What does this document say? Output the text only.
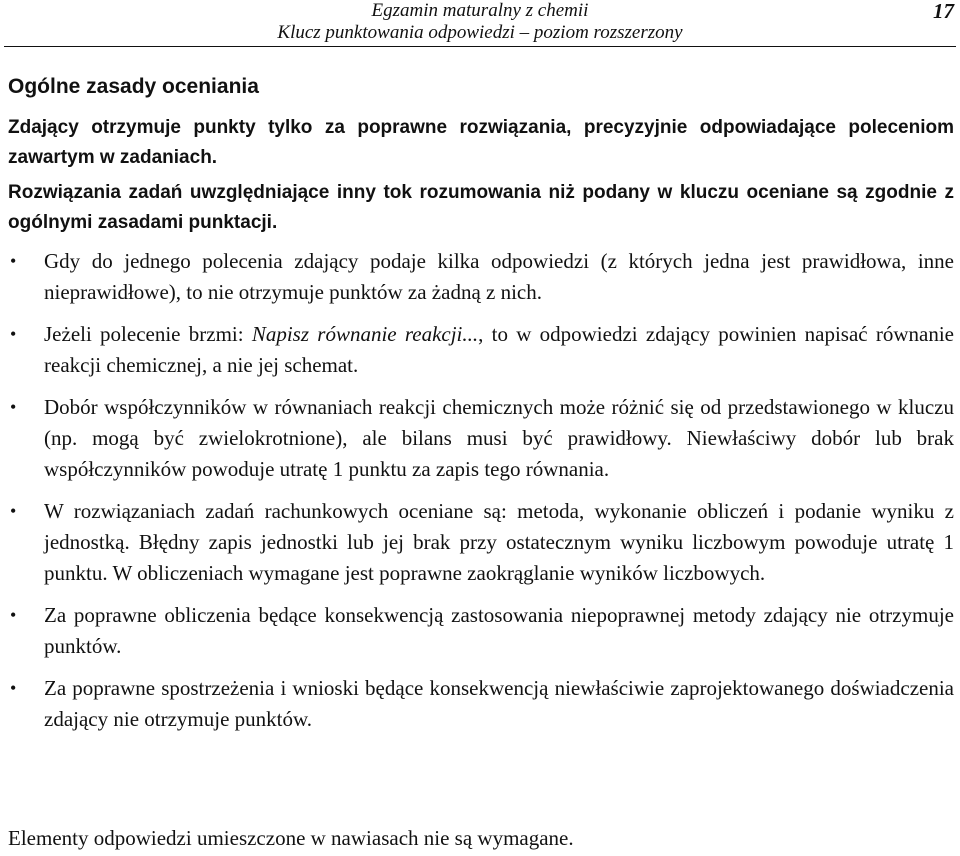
Egzamin maturalny z chemii
Klucz punktowania odpowiedzi – poziom rozszerzony
17
Ogólne zasady oceniania

Zdający otrzymuje punkty tylko za poprawne rozwiązania, precyzyjnie odpowiadające poleceniom zawartym w zadaniach.

Rozwiązania zadań uwzględniające inny tok rozumowania niż podany w kluczu oceniane są zgodnie z ogólnymi zasadami punktacji.

• Gdy do jednego polecenia zdający podaje kilka odpowiedzi (z których jedna jest prawidłowa, inne nieprawidłowe), to nie otrzymuje punktów za żadną z nich.
• Jeżeli polecenie brzmi: Napisz równanie reakcji..., to w odpowiedzi zdający powinien napisać równanie reakcji chemicznej, a nie jej schemat.
• Dobór współczynników w równaniach reakcji chemicznych może różnić się od przedstawionego w kluczu (np. mogą być zwielokrotnione), ale bilans musi być prawidłowy. Niewłaściwy dobór lub brak współczynników powoduje utratę 1 punktu za zapis tego równania.
• W rozwiązaniach zadań rachunkowych oceniane są: metoda, wykonanie obliczeń i podanie wyniku z jednostką. Błędny zapis jednostki lub jej brak przy ostatecznym wyniku liczbowym powoduje utratę 1 punktu. W obliczeniach wymagane jest poprawne zaokrąglanie wyników liczbowych.
• Za poprawne obliczenia będące konsekwencją zastosowania niepoprawnej metody zdający nie otrzymuje punktów.
• Za poprawne spostrzeżenia i wnioski będące konsekwencją niewłaściwie zaprojektowanego doświadczenia zdający nie otrzymuje punktów.

Elementy odpowiedzi umieszczone w nawiasach nie są wymagane.
